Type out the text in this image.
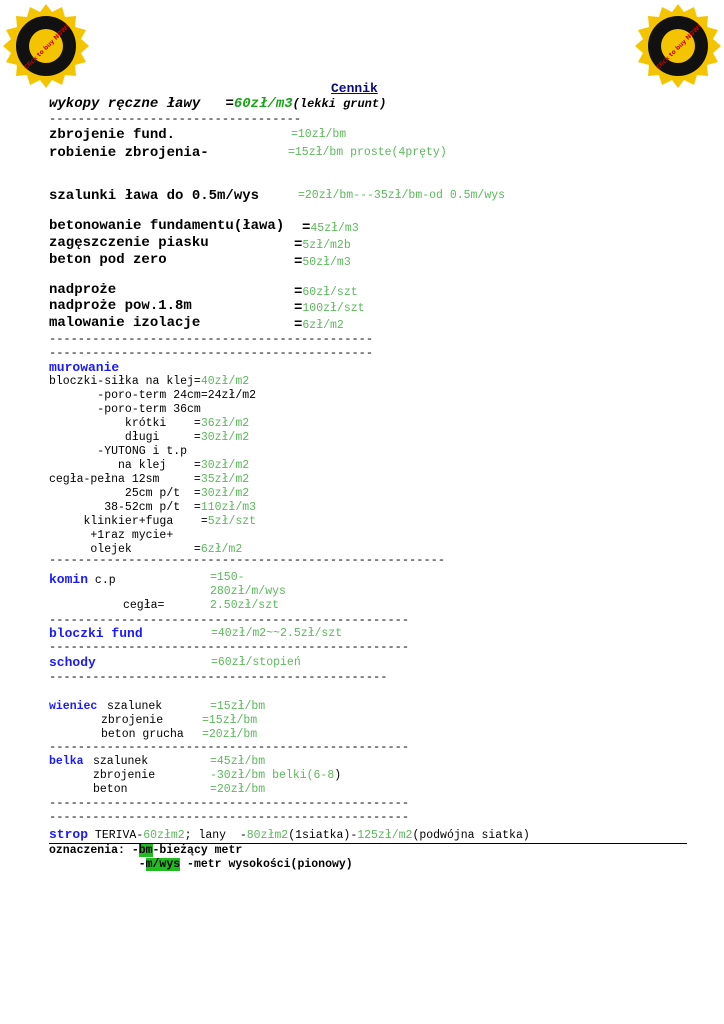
Click to buy NOW!	Click to buy NOW!
Cennik
wykopy ręczne ławy =60zł/m3(lekki grunt)
-----------------------------------
zbrojenie fund.	=10zł/bm
robienie zbrojenia-	=15zł/bm proste(4pręty)
szalunki ława do 0.5m/wys	=20zł/bm---35zł/bm-od 0.5m/wys
betonowanie fundamentu(ława) =45zł/m3
zagęszczenie piasku	=5zł/m2b
beton pod zero	=50zł/m3
nadproże	=60zł/szt
nadproże pow.1.8m	=100zł/szt
malowanie izolacje	=6zł/m2
---------------------------------------------
---------------------------------------------
murowanie
bloczki-siłka na klej=40zł/m2
-poro-term 24cm=24zł/m2
-poro-term 36cm
krótki    =36zł/m2
długi     =30zł/m2
-YUTONG i t.p
na klej    =30zł/m2
cegła-pełna 12sm     =35zł/m2
25cm p/t  =30zł/m2
38-52cm p/t  =110zł/m3
klinkier+fuga    =5zł/szt
+1raz mycie+
olejek         =6zł/m2
-------------------------------------------------------
komin c.p	=150-
280zł/m/wys
cegła=	2.50zł/szt
--------------------------------------------------
bloczki fund	=40zł/m2~~2.5zł/szt
--------------------------------------------------
schody	=60zł/stopień
-----------------------------------------------
wieniec szalunek	=15zł/bm
zbrojenie	=15zł/bm
beton grucha =20zł/bm
--------------------------------------------------
belka szalunek	=45zł/bm
zbrojenie	-30zł/bm belki(6-8)
beton	=20zł/bm
--------------------------------------------------
--------------------------------------------------
strop TERIVA-60złm2; lany  -80złm2(1siatka)-125zł/m2(podwójna siatka)
oznaczenia: -bm-bieżący metr
-m/wys -metr wysokości(pionowy)
